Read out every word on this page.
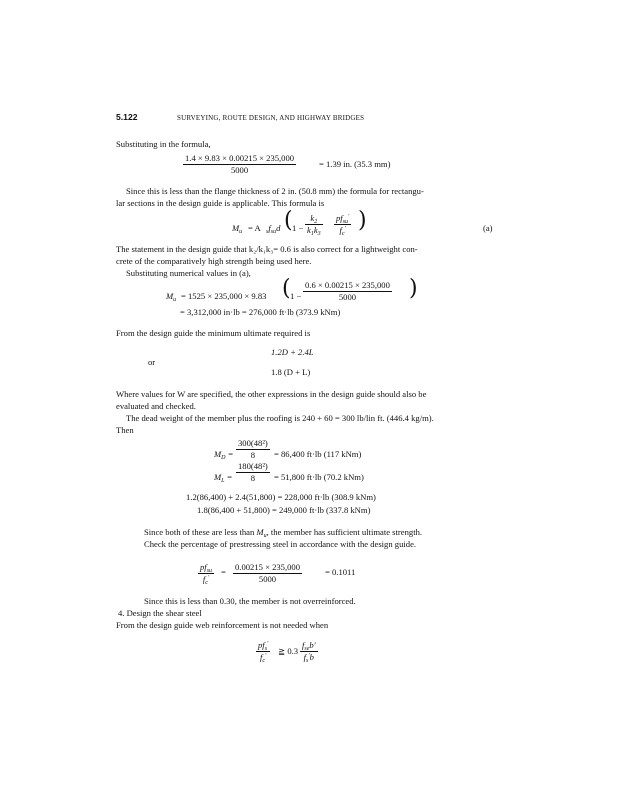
5.122	SURVEYING, ROUTE DESIGN, AND HIGHWAY BRIDGES
Substituting in the formula,
$\frac{1.4 \times 9.83 \times 0.00215 \times 235,000}{5000}$	= 1.39 in. (35.3 mm)
Since this is less than the flange thickness of 2 in. (50.8 mm) the formula for rectangu-
lar sections in the design guide is applicable. This formula is
$M_u = A$ $_sf_{su}d$ ( $1 - \frac{k_2}{k_1k_3} pf_{su}'$
$f_c'$ )	(a)
The statement in the design guide that k₂/k₁k₃= 0.6 is also correct for a lightweight con-
crete of the comparatively high strength being used here.
Substituting numerical values in (a),
$M_u = 1525 \times 235,000 \times 9.83$ ( $1 - \frac{0.6 \times 0.00215 \times 235,000}{5000}$ )
= 3,312,000 in·lb = 276,000 ft·lb (373.9 kNm)
From the design guide the minimum ultimate required is
1.2D + 2.4L
or
1.8 (D + L)
Where values for W are specified, the other expressions in the design guide should also be
evaluated and checked.
The dead weight of the member plus the roofing is 240 + 60 = 300 lb/lin ft. (446.4 kg/m).
Then
$M_D = \frac{\text{300(48²)}}{8} = 86,400$ ft·lb (117 kNm)
$M_L = \frac{\text{180(48²)}}{8} = 51,800$ ft·lb (70.2 kNm)
1.2(86,400) + 2.4(51,800) = 228,000 ft·lb (308.9 kNm)
1.8(86,400 + 51,800) = 249,000 ft·lb (337.8 kNm)
Since both of these are less than $M_u$, the member has sufficient ultimate strength.
Check the percentage of prestressing steel in accordance with the design guide.
$pf_{su}$
$f_c'$
= $\frac{0.00215 \times 235,000}{5000}$	= 0.1011
Since this is less than 0.30, the member is not overreinforced.
4. Design the shear steel
From the design guide web reinforcement is not needed when
$pf_s'$
$f_c'$	≧ 0.3
$f_{se}b'$
$f_s'b$
